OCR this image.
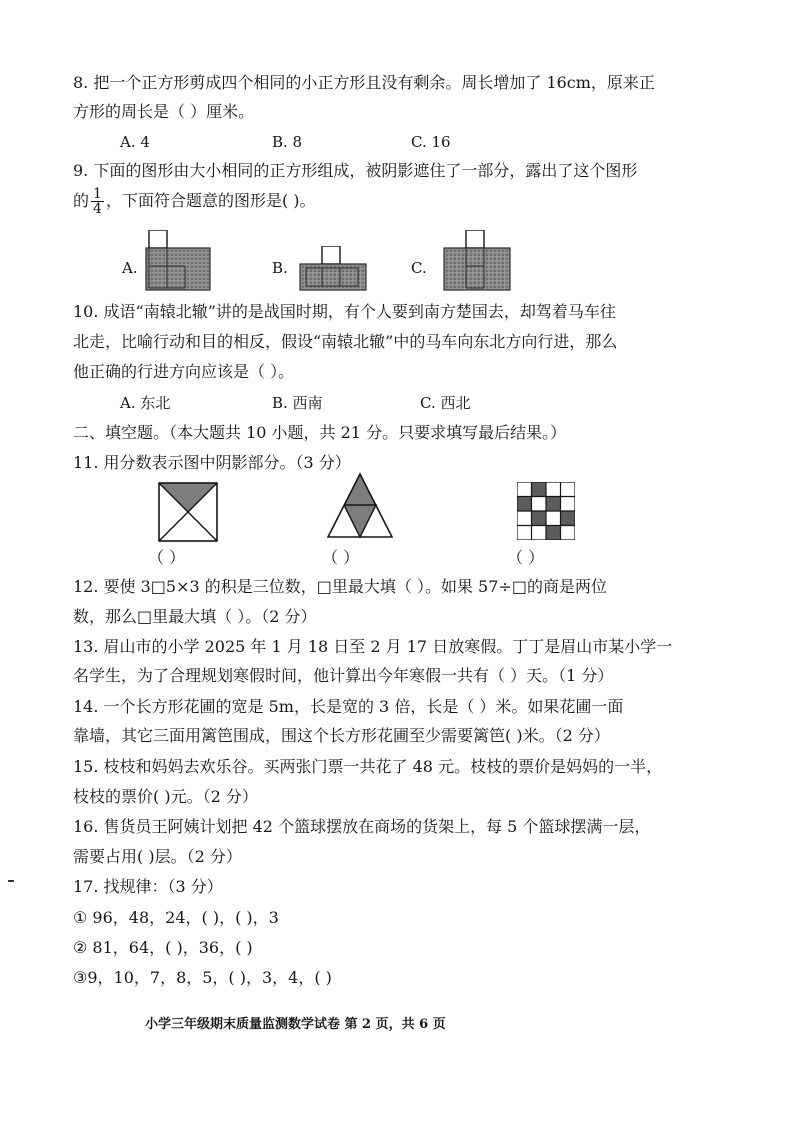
8. 把一个正方形剪成四个相同的小正方形且没有剩余。周长增加了 16cm，原来正
方形的周长是（ ）厘米。
A. 4	B. 8	C. 16
9. 下面的图形由大小相同的正方形组成，被阴影遮住了一部分，露出了这个图形
的 $\frac{1}{4}$ ，下面符合题意的图形是( )。
A.	B.	C.
10. 成语“南辕北辙”讲的是战国时期，有个人要到南方楚国去，却驾着马车往
北走，比喻行动和目的相反，假设“南辕北辙”中的马车向东北方向行进，那么
他正确的行进方向应该是（ ）。
A. 东北	B. 西南	C. 西北
二、填空题。（本大题共 10 小题，共 21 分。只要求填写最后结果。）
11. 用分数表示图中阴影部分。（3 分）
（ ）	（ ）	（ ）
12. 要使 3□5×3 的积是三位数，□里最大填（ ）。如果 57÷□的商是两位
数，那么□里最大填（ ）。（2 分）
13. 眉山市的小学 2025 年 1 月 18 日至 2 月 17 日放寒假。丁丁是眉山市某小学一
名学生，为了合理规划寒假时间，他计算出今年寒假一共有（ ）天。（1 分）
14. 一个长方形花圃的宽是 5m，长是宽的 3 倍，长是（ ）米。如果花圃一面
靠墙，其它三面用篱笆围成，围这个长方形花圃至少需要篱笆( )米。（2 分）
15. 枝枝和妈妈去欢乐谷。买两张门票一共花了 48 元。枝枝的票价是妈妈的一半，
枝枝的票价( )元。（2 分）
16. 售货员王阿姨计划把 42 个篮球摆放在商场的货架上，每 5 个篮球摆满一层，
需要占用( )层。（2 分）
17. 找规律：（3 分）
① 96，48，24，( )，( )，3
② 81，64，( )，36，( )
③9，10，7，8，5，( )，3，4，( )
小学三年级期末质量监测数学试卷 第 2 页，共 6 页
